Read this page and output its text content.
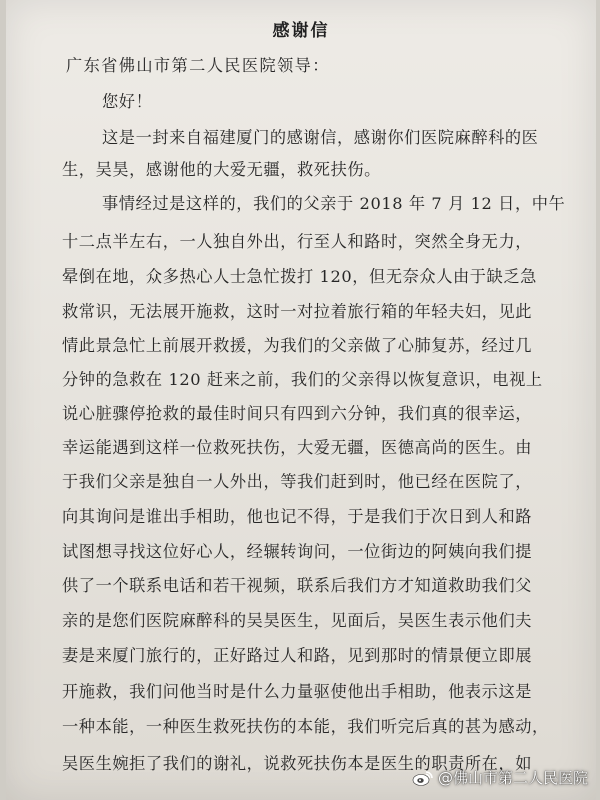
感谢信
广东省佛山市第二人民医院领导：
您好！
这是一封来自福建厦门的感谢信，感谢你们医院麻醉科的医
生，吴昊，感谢他的大爱无疆，救死扶伤。
事情经过是这样的，我们的父亲于 2018 年 7 月 12 日，中午
十二点半左右，一人独自外出，行至人和路时，突然全身无力，
晕倒在地，众多热心人士急忙拨打 120，但无奈众人由于缺乏急
救常识，无法展开施救，这时一对拉着旅行箱的年轻夫妇，见此
情此景急忙上前展开救援，为我们的父亲做了心肺复苏，经过几
分钟的急救在 120 赶来之前，我们的父亲得以恢复意识，电视上
说心脏骤停抢救的最佳时间只有四到六分钟，我们真的很幸运，
幸运能遇到这样一位救死扶伤，大爱无疆，医德高尚的医生。由
于我们父亲是独自一人外出，等我们赶到时，他已经在医院了，
向其询问是谁出手相助，他也记不得，于是我们于次日到人和路
试图想寻找这位好心人，经辗转询问，一位街边的阿姨向我们提
供了一个联系电话和若干视频，联系后我们方才知道救助我们父
亲的是您们医院麻醉科的吴昊医生，见面后，吴医生表示他们夫
妻是来厦门旅行的，正好路过人和路，见到那时的情景便立即展
开施救，我们问他当时是什么力量驱使他出手相助，他表示这是
一种本能，一种医生救死扶伤的本能，我们听完后真的甚为感动，
吴医生婉拒了我们的谢礼，说救死扶伤本是医生的职责所在，如
@佛山市第二人民医院
